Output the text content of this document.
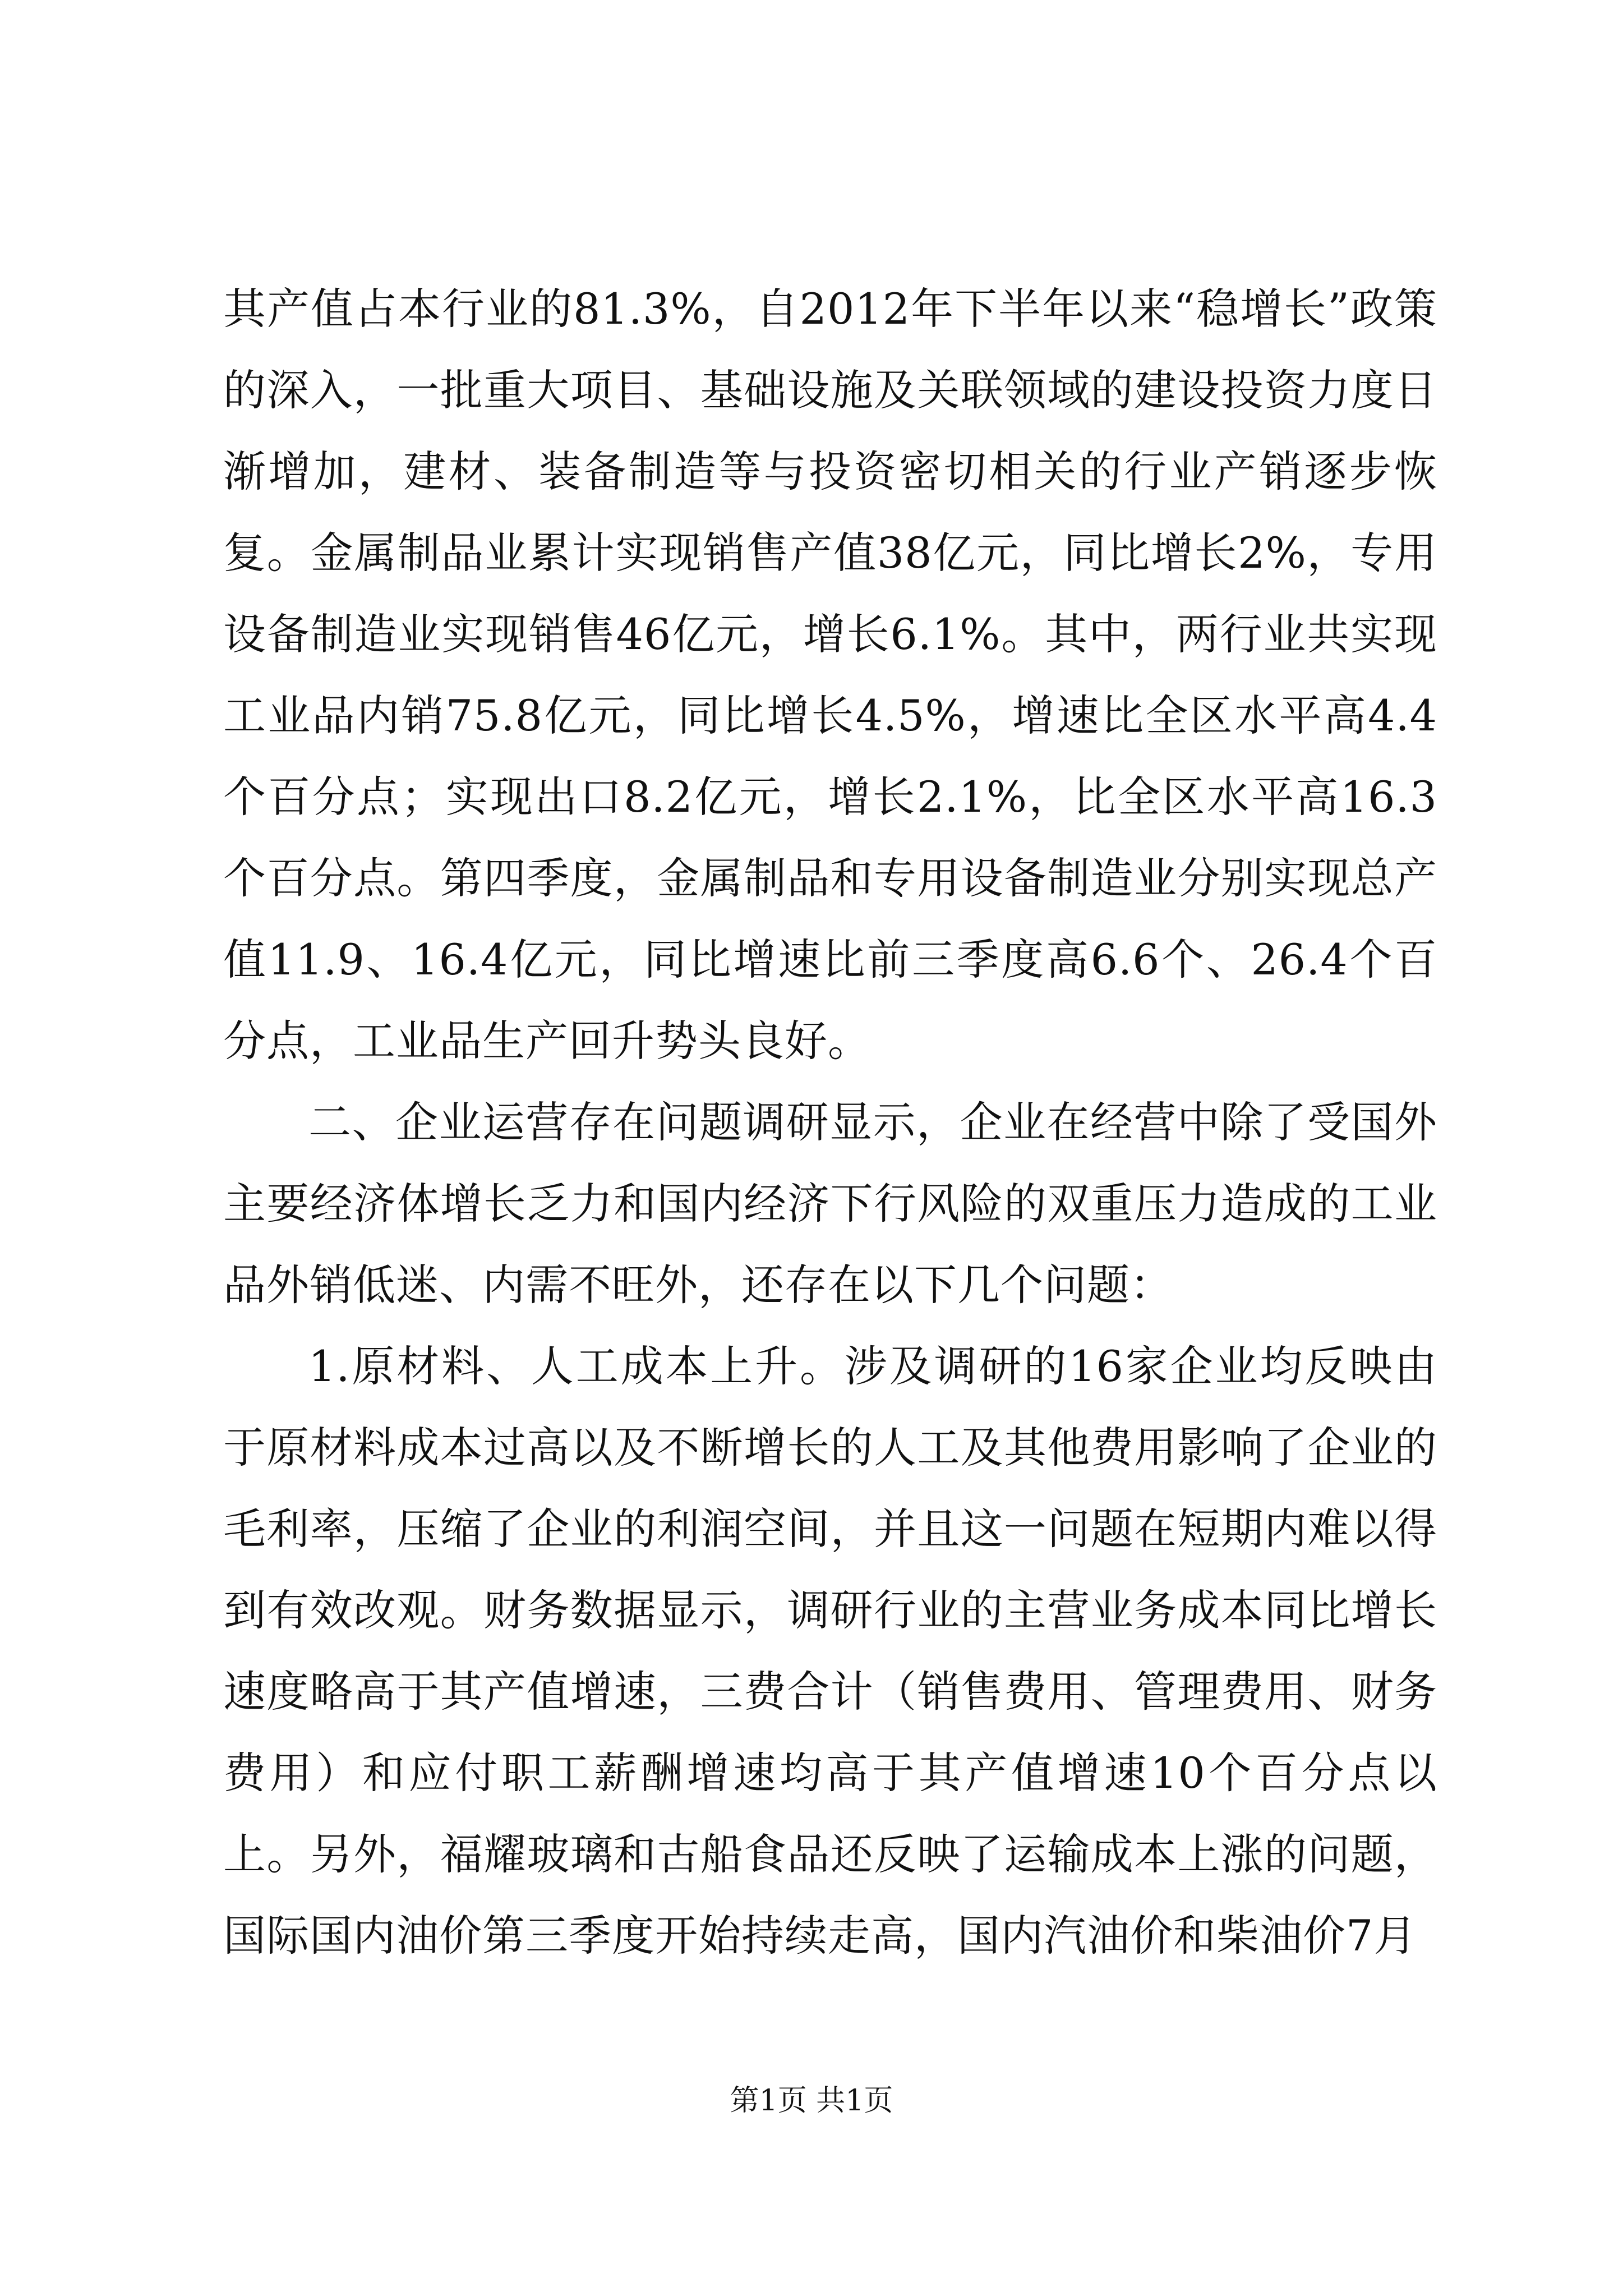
其产值占本行业的81.3%，自2012年下半年以来“稳增长”政策的深入，一批重大项目、基础设施及关联领域的建设投资力度日渐增加，建材、装备制造等与投资密切相关的行业产销逐步恢复。金属制品业累计实现销售产值38亿元，同比增长2%，专用设备制造业实现销售46亿元，增长6.1%。其中，两行业共实现工业品内销75.8亿元，同比增长4.5%，增速比全区水平高4.4个百分点；实现出口8.2亿元，增长2.1%，比全区水平高16.3个百分点。第四季度，金属制品和专用设备制造业分别实现总产值11.9、16.4亿元，同比增速比前三季度高6.6个、26.4个百分点，工业品生产回升势头良好。

二、企业运营存在问题调研显示，企业在经营中除了受国外主要经济体增长乏力和国内经济下行风险的双重压力造成的工业品外销低迷、内需不旺外，还存在以下几个问题：

1.原材料、人工成本上升。涉及调研的16家企业均反映由于原材料成本过高以及不断增长的人工及其他费用影响了企业的毛利率，压缩了企业的利润空间，并且这一问题在短期内难以得到有效改观。财务数据显示，调研行业的主营业务成本同比增长速度略高于其产值增速，三费合计（销售费用、管理费用、财务费用）和应付职工薪酬增速均高于其产值增速10个百分点以上。另外，福耀玻璃和古船食品还反映了运输成本上涨的问题，国际国内油价第三季度开始持续走高，国内汽油价和柴油价7月

第1页 共1页
